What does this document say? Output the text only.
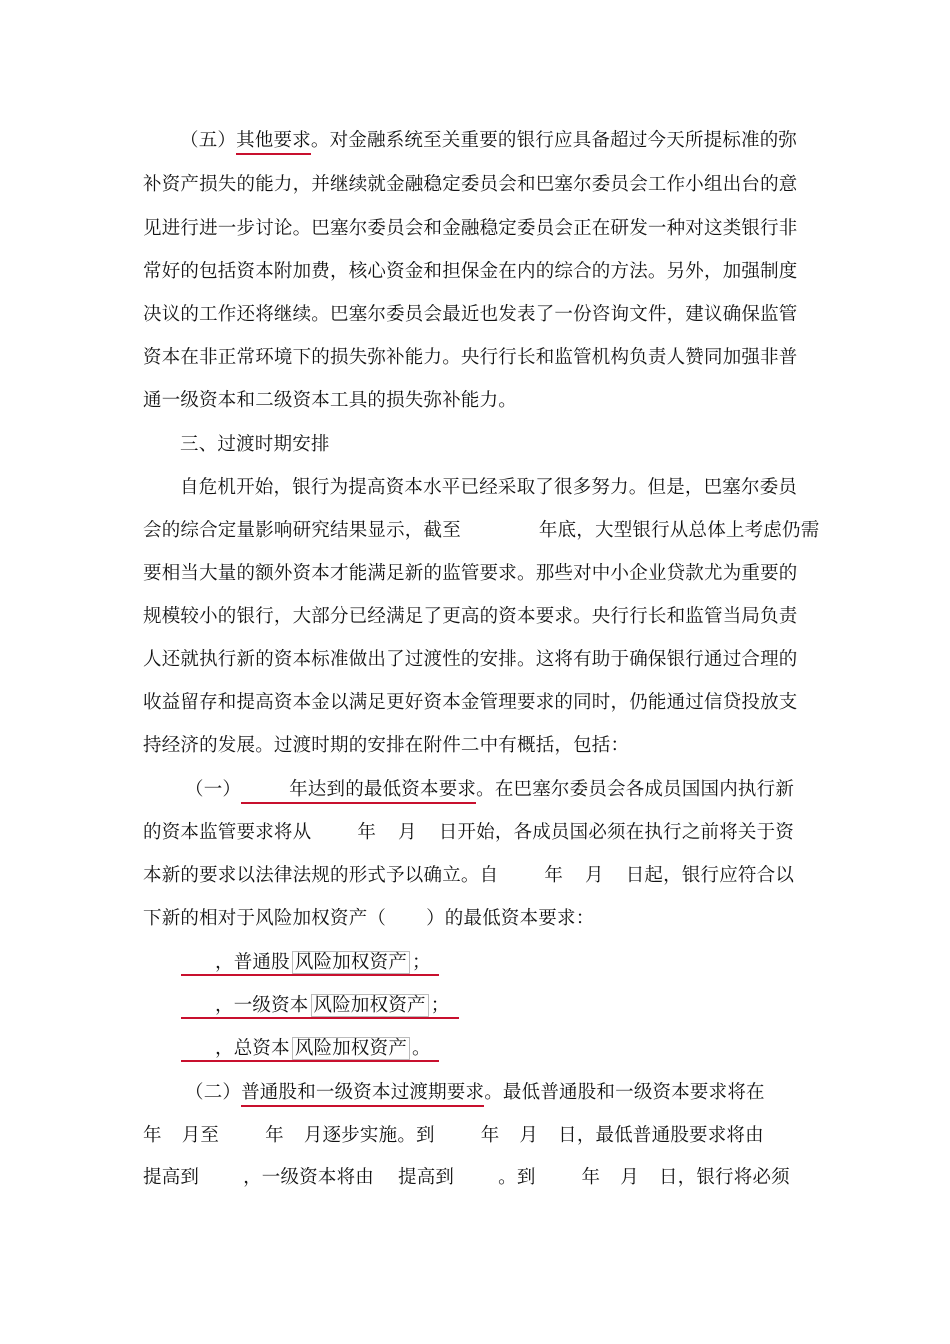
（五）其他要求。对金融系统至关重要的银行应具备超过今天所提标准的弥
补资产损失的能力，并继续就金融稳定委员会和巴塞尔委员会工作小组出台的意
见进行进一步讨论。巴塞尔委员会和金融稳定委员会正在研发一种对这类银行非
常好的包括资本附加费，核心资金和担保金在内的综合的方法。另外，加强制度
决议的工作还将继续。巴塞尔委员会最近也发表了一份咨询文件，建议确保监管
资本在非正常环境下的损失弥补能力。央行行长和监管机构负责人赞同加强非普
通一级资本和二级资本工具的损失弥补能力。
三、过渡时期安排
自危机开始，银行为提高资本水平已经采取了很多努力。但是，巴塞尔委员
会的综合定量影响研究结果显示，截至	年底，大型银行从总体上考虑仍需
要相当大量的额外资本才能满足新的监管要求。那些对中小企业贷款尤为重要的
规模较小的银行，大部分已经满足了更高的资本要求。央行行长和监管当局负责
人还就执行新的资本标准做出了过渡性的安排。这将有助于确保银行通过合理的
收益留存和提高资本金以满足更好资本金管理要求的同时，仍能通过信贷投放支
持经济的发展。过渡时期的安排在附件二中有概括，包括：
（一）	年达到的最低资本要求。在巴塞尔委员会各成员国国内执行新
的资本监管要求将从 年 月 日开始，各成员国必须在执行之前将关于资
本新的要求以法律法规的形式予以确立。自 年 月 日起，银行应符合以
下新的相对于风险加权资产（ ）的最低资本要求：
，普通股 风险加权资产 ；
，一级资本 风险加权资产 ；
，总资本 风险加权资产 。
（二）普通股和一级资本过渡期要求。最低普通股和一级资本要求将在
年 月至 年 月逐步实施。到 年 月 日，最低普通股要求将由
提高到 ，一级资本将由 提高到 。到 年 月 日，银行将必须
